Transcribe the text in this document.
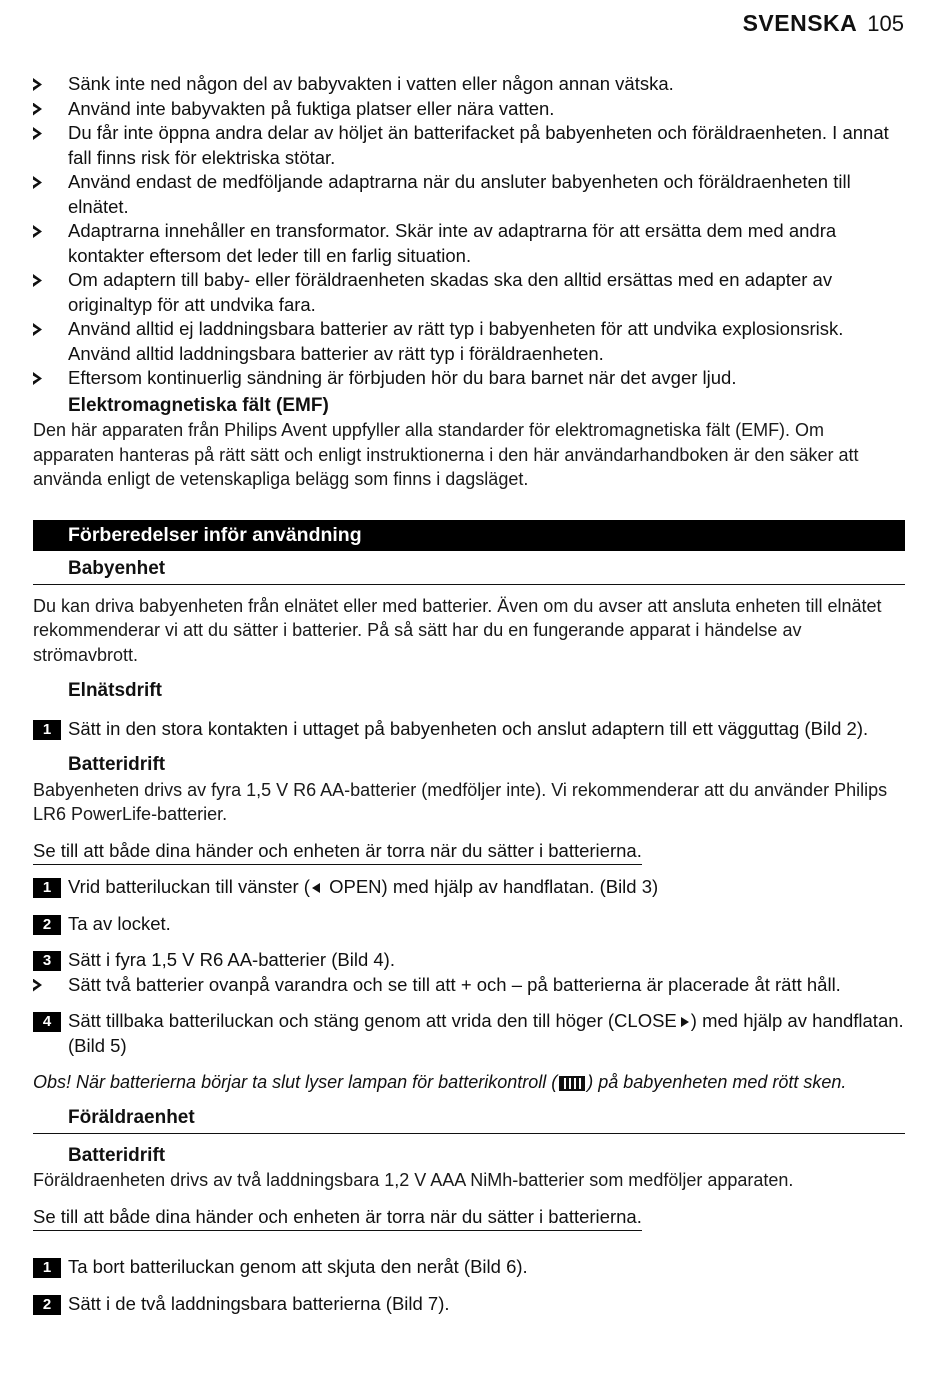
SVENSKA 105
Sänk inte ned någon del av babyvakten i vatten eller någon annan vätska.
Använd inte babyvakten på fuktiga platser eller nära vatten.
Du får inte öppna andra delar av höljet än batterifacket på babyenheten och föräldraenheten. I annat fall finns risk för elektriska stötar.
Använd endast de medföljande adaptrarna när du ansluter babyenheten och föräldraenheten till elnätet.
Adaptrarna innehåller en transformator. Skär inte av adaptrarna för att ersätta dem med andra kontakter eftersom det leder till en farlig situation.
Om adaptern till baby- eller föräldraenheten skadas ska den alltid ersättas med en adapter av originaltyp för att undvika fara.
Använd alltid ej laddningsbara batterier av rätt typ i babyenheten för att undvika explosionsrisk. Använd alltid laddningsbara batterier av rätt typ i föräldraenheten.
Eftersom kontinuerlig sändning är förbjuden hör du bara barnet när det avger ljud.
Elektromagnetiska fält (EMF)
Den här apparaten från Philips Avent uppfyller alla standarder för elektromagnetiska fält (EMF). Om apparaten hanteras på rätt sätt och enligt instruktionerna i den här användarhandboken är den säker att använda enligt de vetenskapliga belägg som finns i dagsläget.
Förberedelser inför användning
Babyenhet
Du kan driva babyenheten från elnätet eller med batterier. Även om du avser att ansluta enheten till elnätet rekommenderar vi att du sätter i batterier. På så sätt har du en fungerande apparat i händelse av strömavbrott.
Elnätsdrift
1 Sätt in den stora kontakten i uttaget på babyenheten och anslut adaptern till ett vägguttag (Bild 2).
Batteridrift
Babyenheten drivs av fyra 1,5 V R6 AA-batterier (medföljer inte). Vi rekommenderar att du använder Philips LR6 PowerLife-batterier.
Se till att både dina händer och enheten är torra när du sätter i batterierna.
1 Vrid batteriluckan till vänster ( OPEN) med hjälp av handflatan. (Bild 3)
2 Ta av locket.
3 Sätt i fyra 1,5 V R6 AA-batterier (Bild 4).
Sätt två batterier ovanpå varandra och se till att + och – på batterierna är placerade åt rätt håll.
4 Sätt tillbaka batteriluckan och stäng genom att vrida den till höger (CLOSE ) med hjälp av handflatan. (Bild 5)
Obs! När batterierna börjar ta slut lyser lampan för batterikontroll ( ) på babyenheten med rött sken.
Föräldraenhet
Batteridrift
Föräldraenheten drivs av två laddningsbara 1,2 V AAA NiMh-batterier som medföljer apparaten.
Se till att både dina händer och enheten är torra när du sätter i batterierna.
1 Ta bort batteriluckan genom att skjuta den neråt (Bild 6).
2 Sätt i de två laddningsbara batterierna (Bild 7).
